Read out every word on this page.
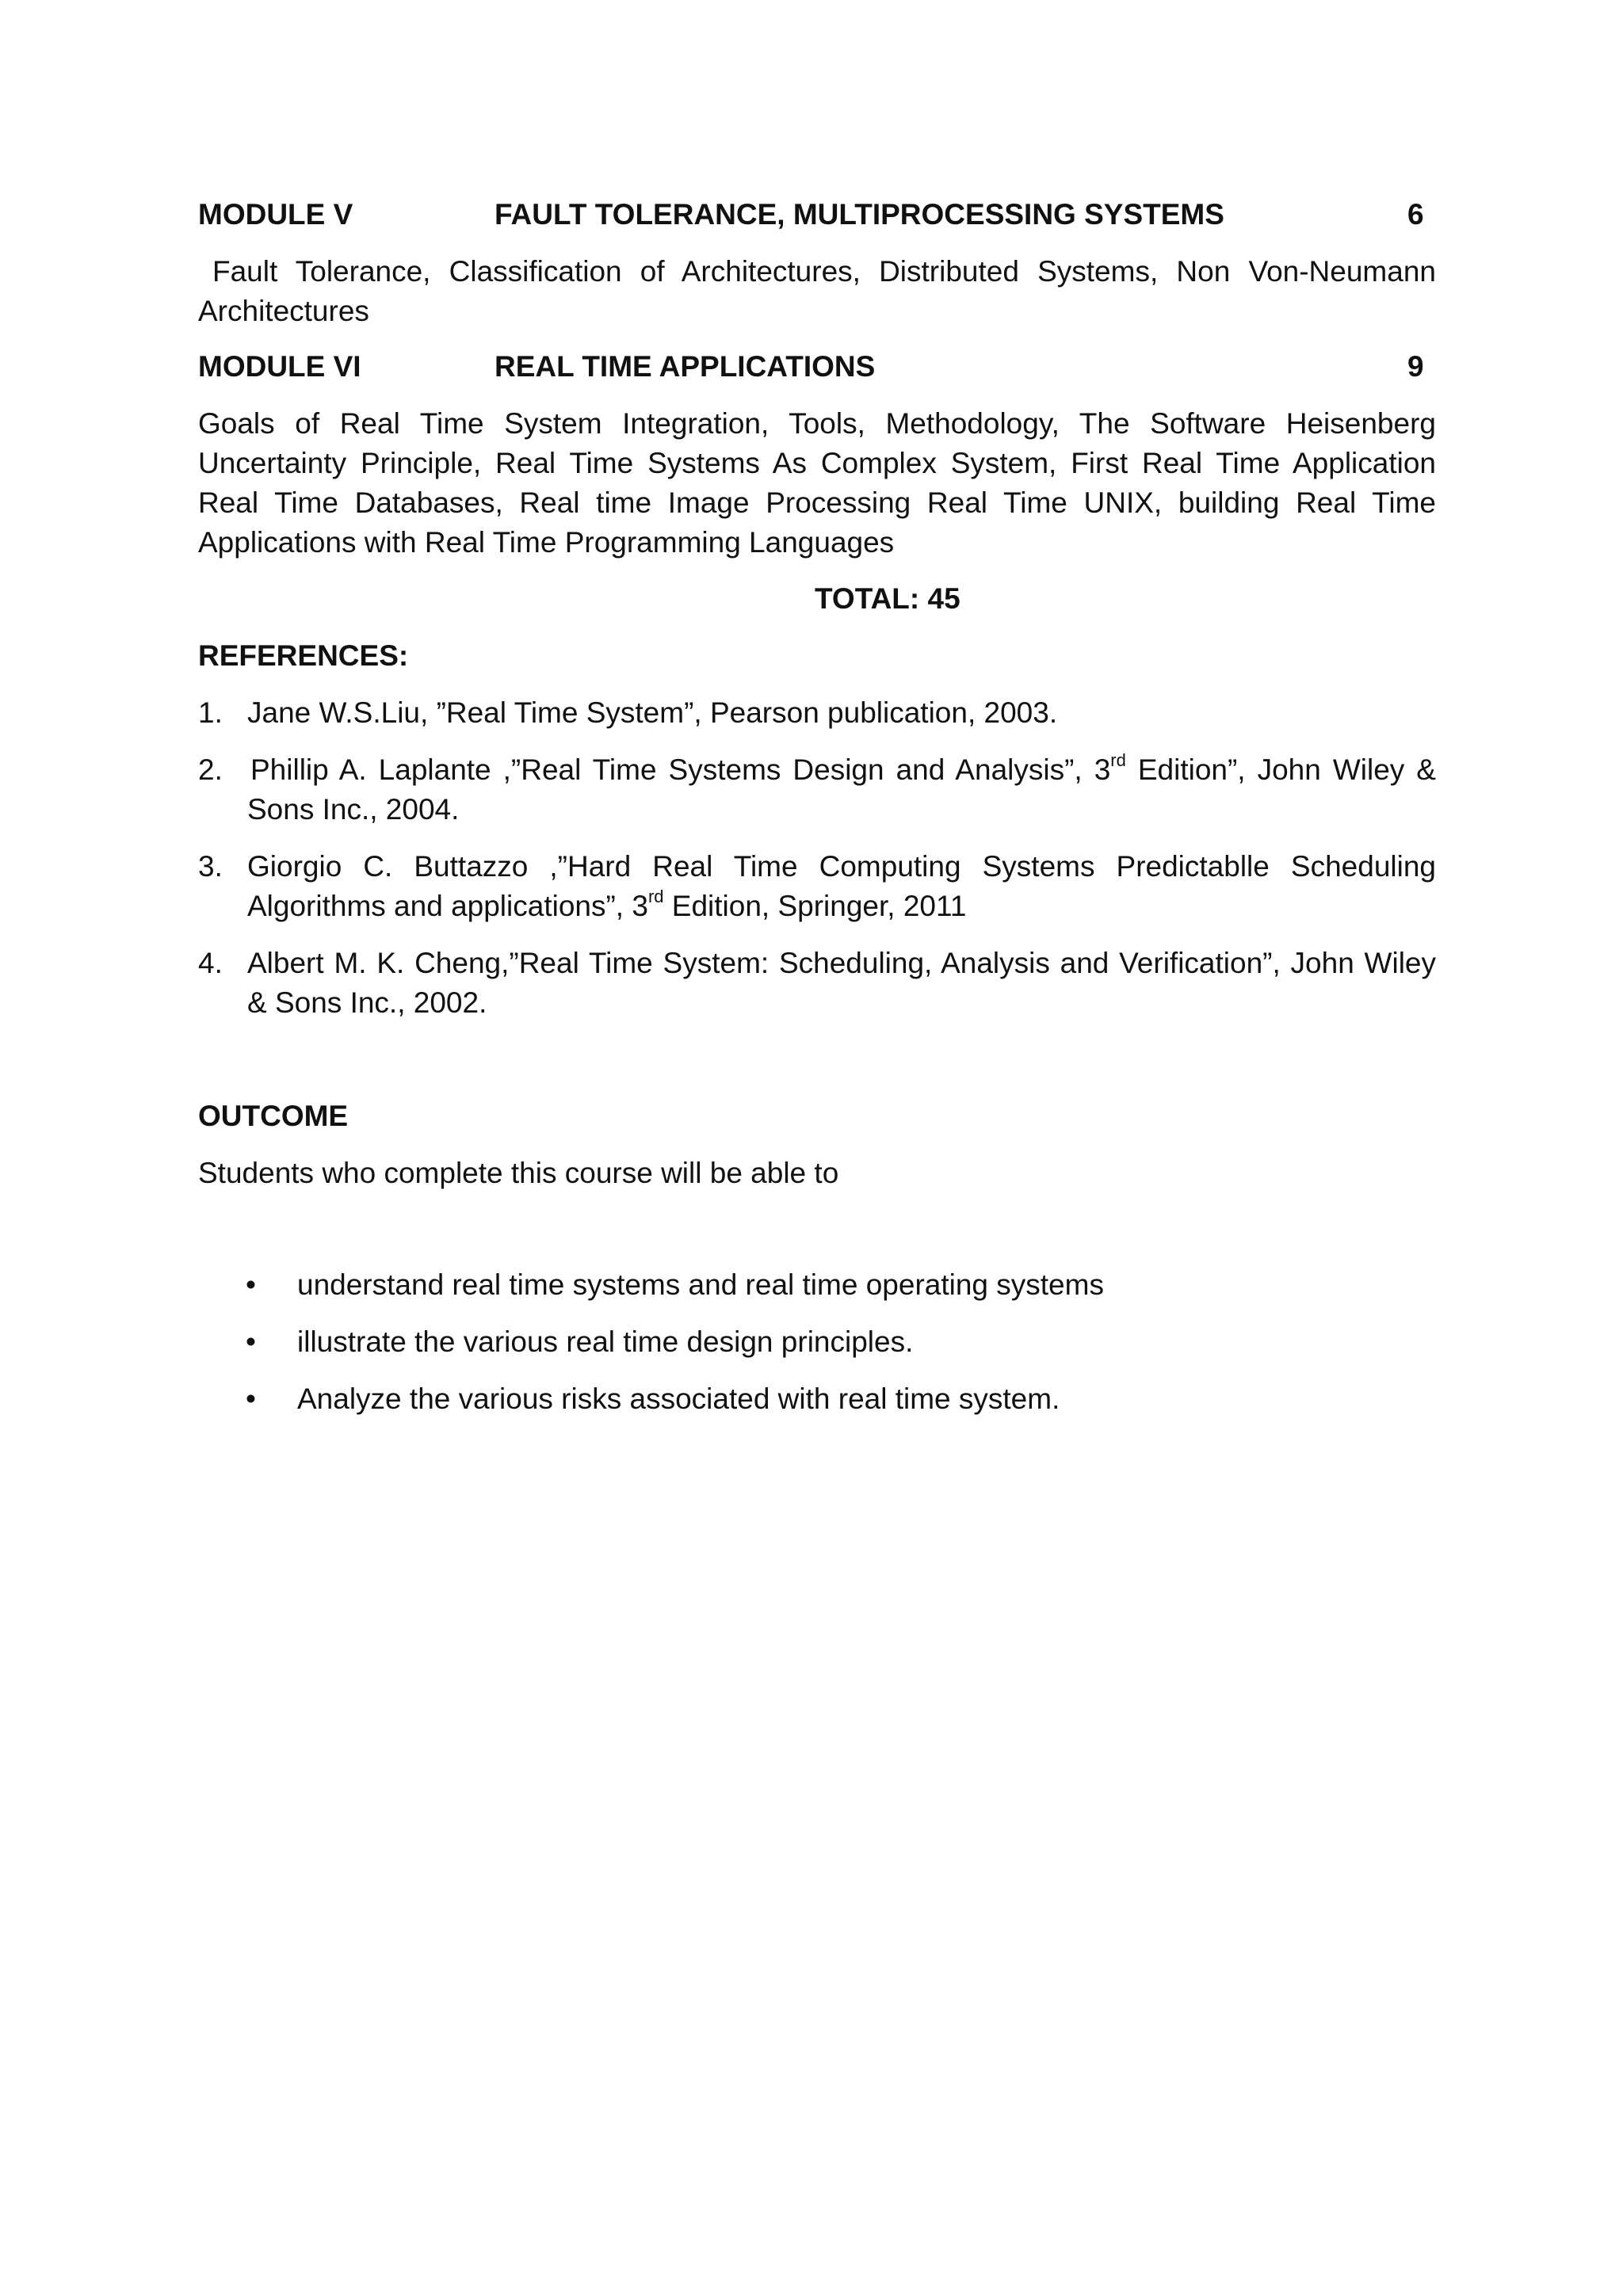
MODULE V	FAULT TOLERANCE, MULTIPROCESSING SYSTEMS	6
Fault Tolerance, Classification of Architectures, Distributed Systems, Non Von-Neumann Architectures
MODULE VI	REAL TIME APPLICATIONS	9
Goals of Real Time System Integration, Tools, Methodology, The Software Heisenberg Uncertainty Principle, Real Time Systems As Complex System, First Real Time Application Real Time Databases, Real time Image Processing Real Time UNIX, building Real Time Applications with Real Time Programming Languages
TOTAL: 45
REFERENCES:
1. Jane W.S.Liu, ”Real Time System”, Pearson publication, 2003.
2. Phillip A. Laplante ,”Real Time Systems Design and Analysis”, 3rd Edition”, John Wiley & Sons Inc., 2004.
3. Giorgio C. Buttazzo ,”Hard Real Time Computing Systems Predictablle Scheduling Algorithms and applications”, 3rd Edition, Springer, 2011
4. Albert M. K. Cheng,”Real Time System: Scheduling, Analysis and Verification”, John Wiley & Sons Inc., 2002.
OUTCOME
Students who complete this course will be able to
• understand real time systems and real time operating systems
• illustrate the various real time design principles.
• Analyze the various risks associated with real time system.
